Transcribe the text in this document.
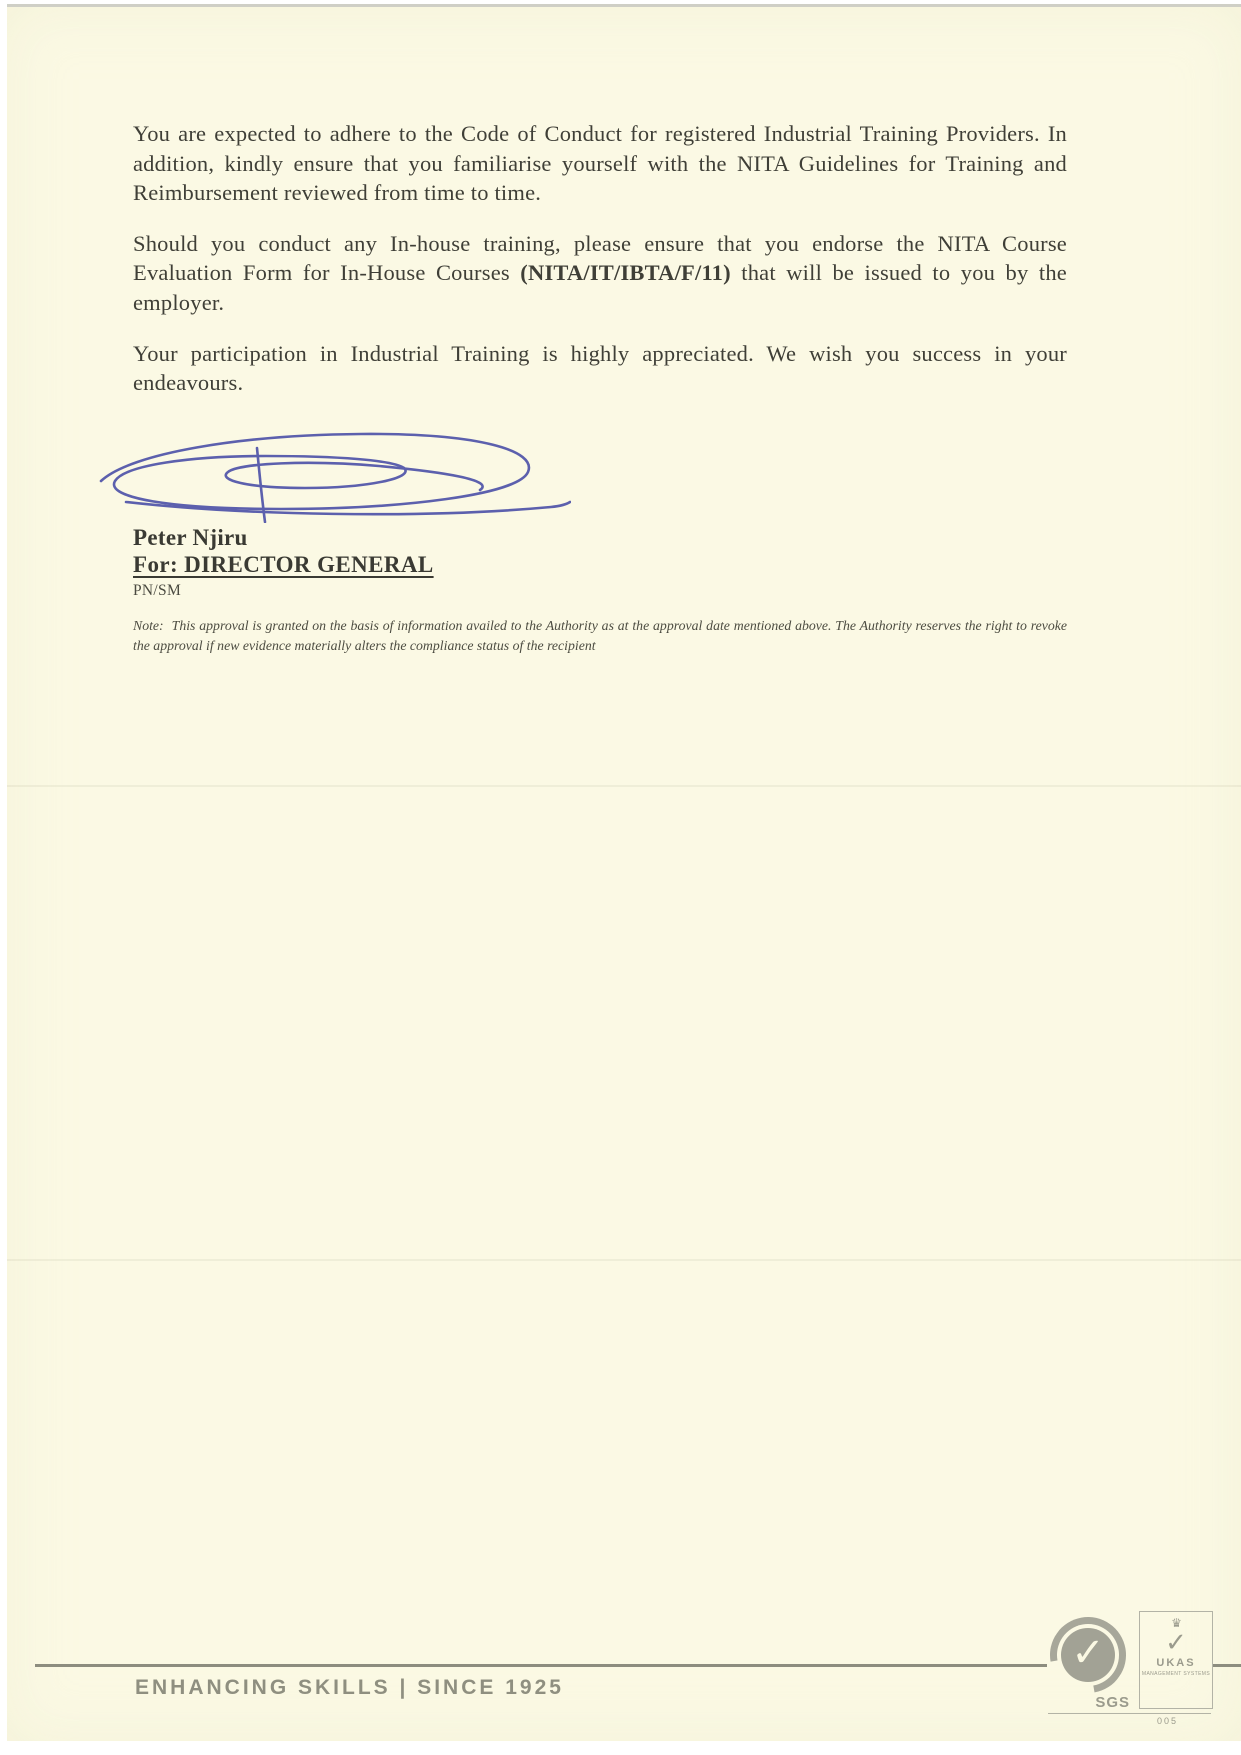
You are expected to adhere to the Code of Conduct for registered Industrial Training Providers. In addition, kindly ensure that you familiarise yourself with the NITA Guidelines for Training and Reimbursement reviewed from time to time.

Should you conduct any In-house training, please ensure that you endorse the NITA Course Evaluation Form for In-House Courses (NITA/IT/IBTA/F/11) that will be issued to you by the employer.

Your participation in Industrial Training is highly appreciated. We wish you success in your endeavours.

Peter Njiru
For: DIRECTOR GENERAL
PN/SM

Note: This approval is granted on the basis of information availed to the Authority as at the approval date mentioned above. The Authority reserves the right to revoke the approval if new evidence materially alters the compliance status of the recipient

ENHANCING SKILLS | SINCE 1925
✓
SGS
♛
✓
UKAS
MANAGEMENT SYSTEMS
005
